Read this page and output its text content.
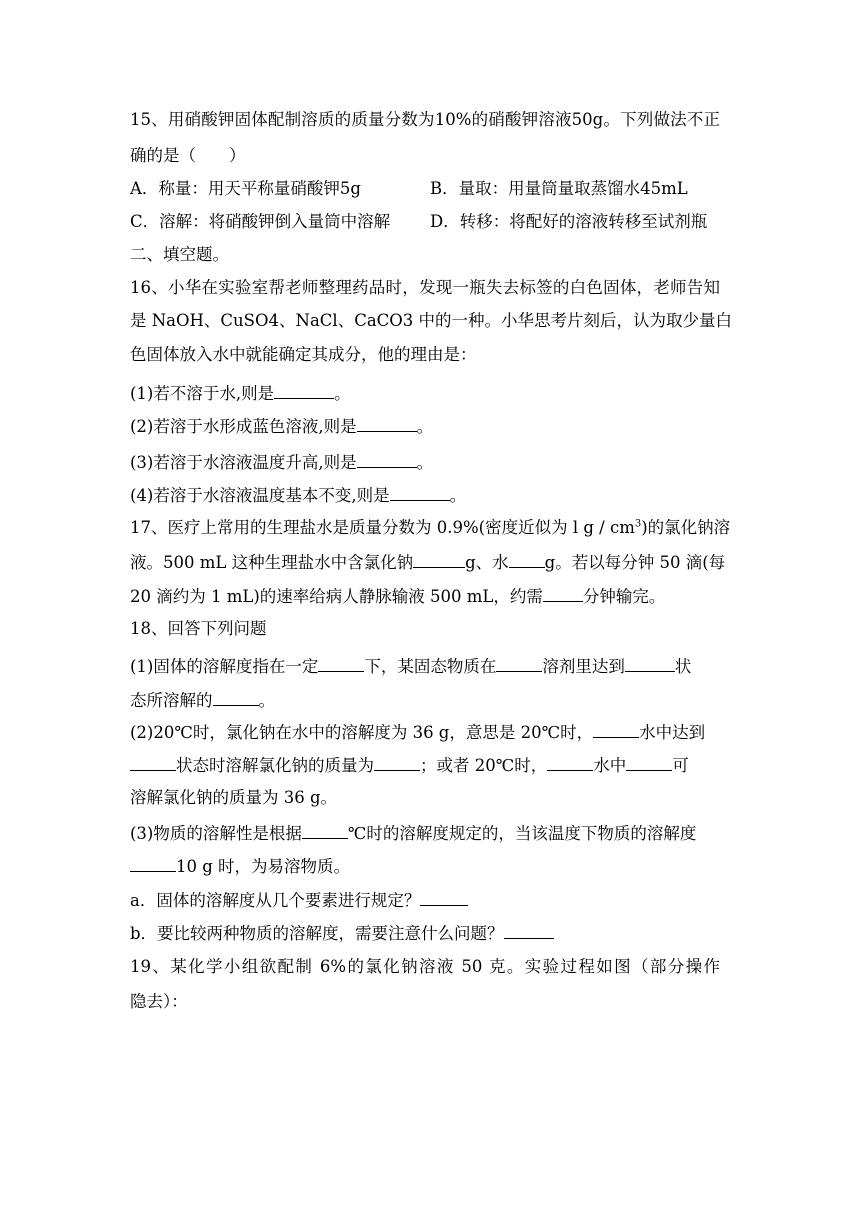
15、用硝酸钾固体配制溶质的质量分数为10%的硝酸钾溶液50g。下列做法不正
确的是（　　）
A．称量：用天平称量硝酸钾5g	B．量取：用量筒量取蒸馏水45mL
C．溶解：将硝酸钾倒入量筒中溶解 D．转移：将配好的溶液转移至试剂瓶
二、填空题。
16、小华在实验室帮老师整理药品时，发现一瓶失去标签的白色固体，老师告知
是 NaOH、CuSO4、NaCl、CaCO3 中的一种。小华思考片刻后，认为取少量白
色固体放入水中就能确定其成分，他的理由是：
(1)若不溶于水,则是	。
(2)若溶于水形成蓝色溶液,则是	。
(3)若溶于水溶液温度升高,则是	。
(4)若溶于水溶液温度基本不变,则是	。
17、医疗上常用的生理盐水是质量分数为 0.9%(密度近似为 l g / $cm^3$)的氯化钠溶
液。500 mL 这种生理盐水中含氯化钠	g、水 g。若以每分钟 50 滴(每
20 滴约为 1 mL)的速率给病人静脉输液 500 mL，约需 分钟输完。
18、回答下列问题
(1)固体的溶解度指在一定	下，某固态物质在	溶剂里达到	状
态所溶解的	。
(2)20℃时，氯化钠在水中的溶解度为 36 g，意思是 20℃时，	水中达到
状态时溶解氯化钠的质量为	；或者 20℃时，	水中	可
溶解氯化钠的质量为 36 g。
(3)物质的溶解性是根据	℃时的溶解度规定的，当该温度下物质的溶解度
10 g 时，为易溶物质。
a．固体的溶解度从几个要素进行规定？
b．要比较两种物质的溶解度，需要注意什么问题？
19、某化学小组欲配制 6%的氯化钠溶液 50 克。实验过程如图（部分操作
隐去）：
